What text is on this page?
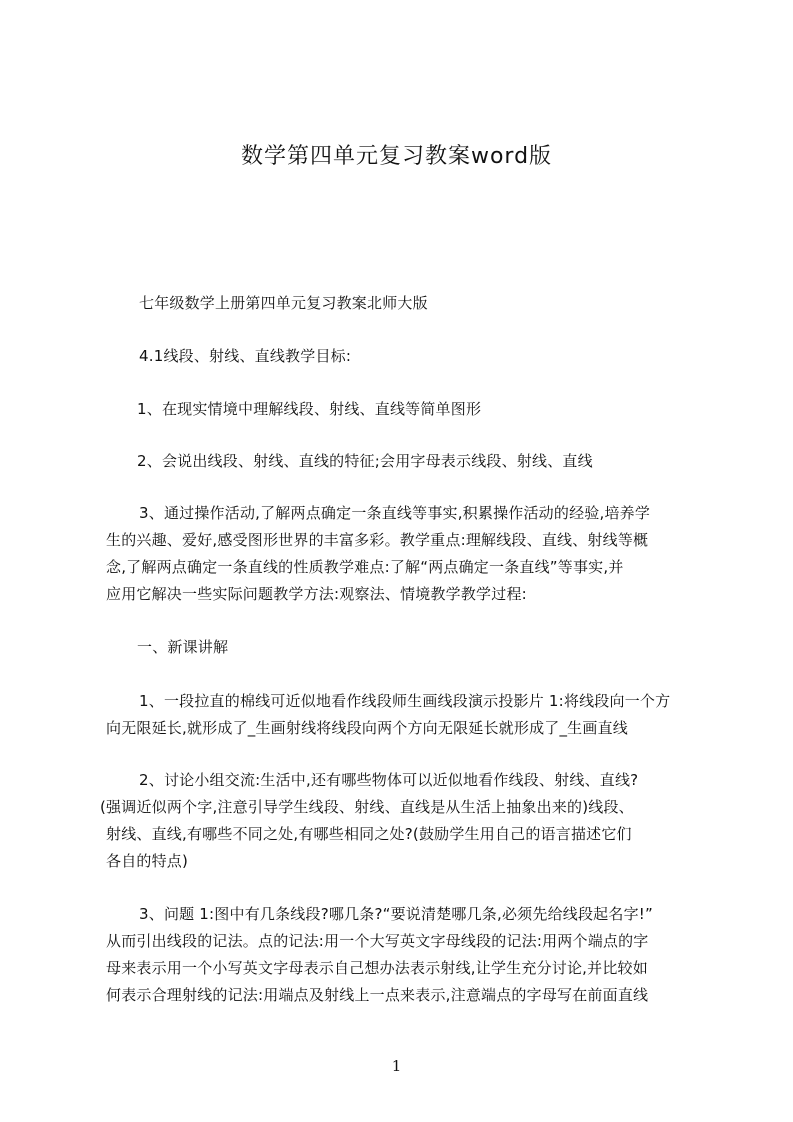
数学第四单元复习教案word版
七年级数学上册第四单元复习教案北师大版
4.1线段、射线、直线教学目标:
1、在现实情境中理解线段、射线、直线等简单图形
2、会说出线段、射线、直线的特征;会用字母表示线段、射线、直线
3、通过操作活动,了解两点确定一条直线等事实,积累操作活动的经验,培养学
生的兴趣、爱好,感受图形世界的丰富多彩。教学重点:理解线段、直线、射线等概
念,了解两点确定一条直线的性质教学难点:了解“两点确定一条直线”等事实,并
应用它解决一些实际问题教学方法:观察法、情境教学教学过程:
一、新课讲解
1、一段拉直的棉线可近似地看作线段师生画线段演示投影片 1:将线段向一个方
向无限延长,就形成了_生画射线将线段向两个方向无限延长就形成了_生画直线
2、讨论小组交流:生活中,还有哪些物体可以近似地看作线段、射线、直线?
(强调近似两个字,注意引导学生线段、射线、直线是从生活上抽象出来的)线段、
射线、直线,有哪些不同之处,有哪些相同之处?(鼓励学生用自己的语言描述它们
各自的特点)
3、问题 1:图中有几条线段?哪几条?“要说清楚哪几条,必须先给线段起名字!”
从而引出线段的记法。点的记法:用一个大写英文字母线段的记法:用两个端点的字
母来表示用一个小写英文字母表示自己想办法表示射线,让学生充分讨论,并比较如
何表示合理射线的记法:用端点及射线上一点来表示,注意端点的字母写在前面直线
1
